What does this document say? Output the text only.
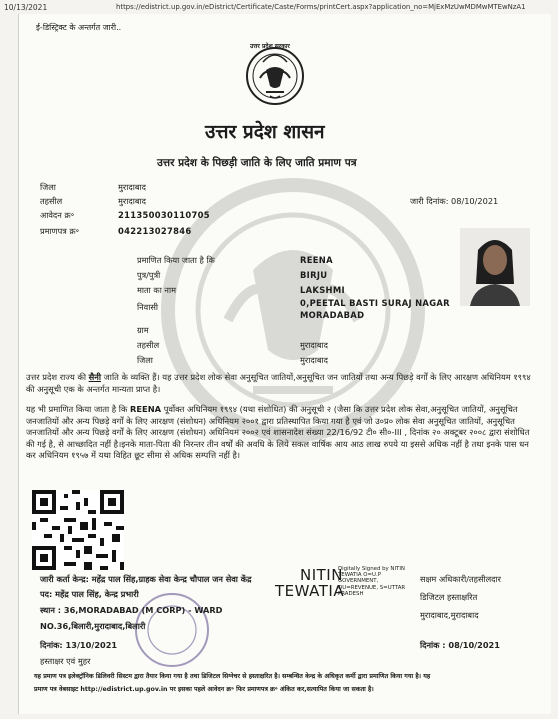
10/13/2021	https://edistrict.up.gov.in/eDistrict/Certificate/Caste/Forms/printCert.aspx?application_no=MjExMzUwMDMwMTEwNzA1
ई-डिस्ट्रिक्ट के अन्तर्गत जारी..
उत्तर प्रदेश सरकार
उत्तर प्रदेश शासन
उत्तर प्रदेश के पिछड़ी जाति के लिए जाति प्रमाण पत्र
जिला	मुरादाबाद
तहसील	मुरादाबाद
आवेदन क्र॰	211350030110705
प्रमाणपत्र क्र॰	042213027846
जारी दिनांक: 08/10/2021
प्रमाणित किया जाता है कि	REENA
पुत्र/पुत्री	BIRJU
माता का नाम	LAKSHMI
निवासी	0,PEETAL BASTI SURAJ NAGAR
MORADABAD
ग्राम
तहसील	मुरादाबाद
जिला	मुरादाबाद
उत्तर प्रदेश राज्य की सैनी जाति के व्यक्ति हैं। यह उत्तर प्रदेश लोक सेवा अनुसूचित जातियों,अनुसूचित जन जातियों तथा अन्य पिछड़े वर्गों के लिए आरक्षण अधिनियम १९९४ की अनुसूची एक के अन्तर्गत मान्यता प्राप्त है।
यह भी प्रमाणित किया जाता है कि REENA पूर्वोक्त अधिनियम १९९४ (यथा संशोधित) की अनुसूची २ (जैसा कि उत्तर प्रदेश लोक सेवा,अनुसूचित जातियों, अनुसूचित जनजातियों और अन्य पिछड़े वर्गों के लिए आरक्षण (संशोधन) अधिनियम २००१ द्वारा प्रतिस्थापित किया गया है एवं जो उ०प्र० लोक सेवा अनुसूचित जातियों, अनुसूचित जनजातियों और अन्य पिछड़े वर्गों के लिए आरक्षण (संशोधन) अधिनियम २००२ एवं शासनादेश संख्या 22/16/92 टी० सी०-III , दिनांक २० अक्टूबर २००८ द्वारा संशोधित की गई है, से आच्छादित नहीं है।इनके माता-पिता की निरन्तर तीन वर्षों की अवधि के लिये सकल वार्षिक आय आठ लाख रुपये या इससे अधिक नहीं है तथा इनके पास धन कर अधिनियम १९५७ में यथा विहित छूट सीमा से अधिक सम्पत्ति नहीं है।
जारी कर्ता केन्द्र: महेंद्र पाल सिंह,ग्राहक सेवा केन्द्र चौपाल जन सेवा केंद्र
पद: महेंद्र पाल सिंह, केन्द्र प्रभारी
स्थान : 36,MORADABAD (M CORP) - WARD
NO.36,बिलारी,मुरादाबाद,बिलारी
दिनांक: 13/10/2021
हस्ताक्षर एवं मुहर
NITIN
TEWATIA
Digitally Signed by NITIN TEWATIA O=U.P GOVERNMENT, OU=REVENUE, S=UTTAR PRADESH
सक्षम अधिकारी/तहसीलदार
डिजिटल हस्ताक्षरित
मुरादाबाद,मुरादाबाद
दिनांक : 08/10/2021
यह प्रमाण पत्र इलेक्ट्रॉनिक डिलिवरी सिस्टम द्वारा तैयार किया गया है तथा डिजिटल सिग्नेचर से हस्ताक्षरित है। सम्बन्धित केन्द्र के अधिकृत कर्मी द्वारा प्रमाणित किया गया है। यह
प्रमाण पत्र वेबसाइट http://edistrict.up.gov.in पर इसका पहले आवेदन क्र॰ फिर प्रमाणपत्र क्र॰ अंकित कर,सत्यापित किया जा सकता है।
